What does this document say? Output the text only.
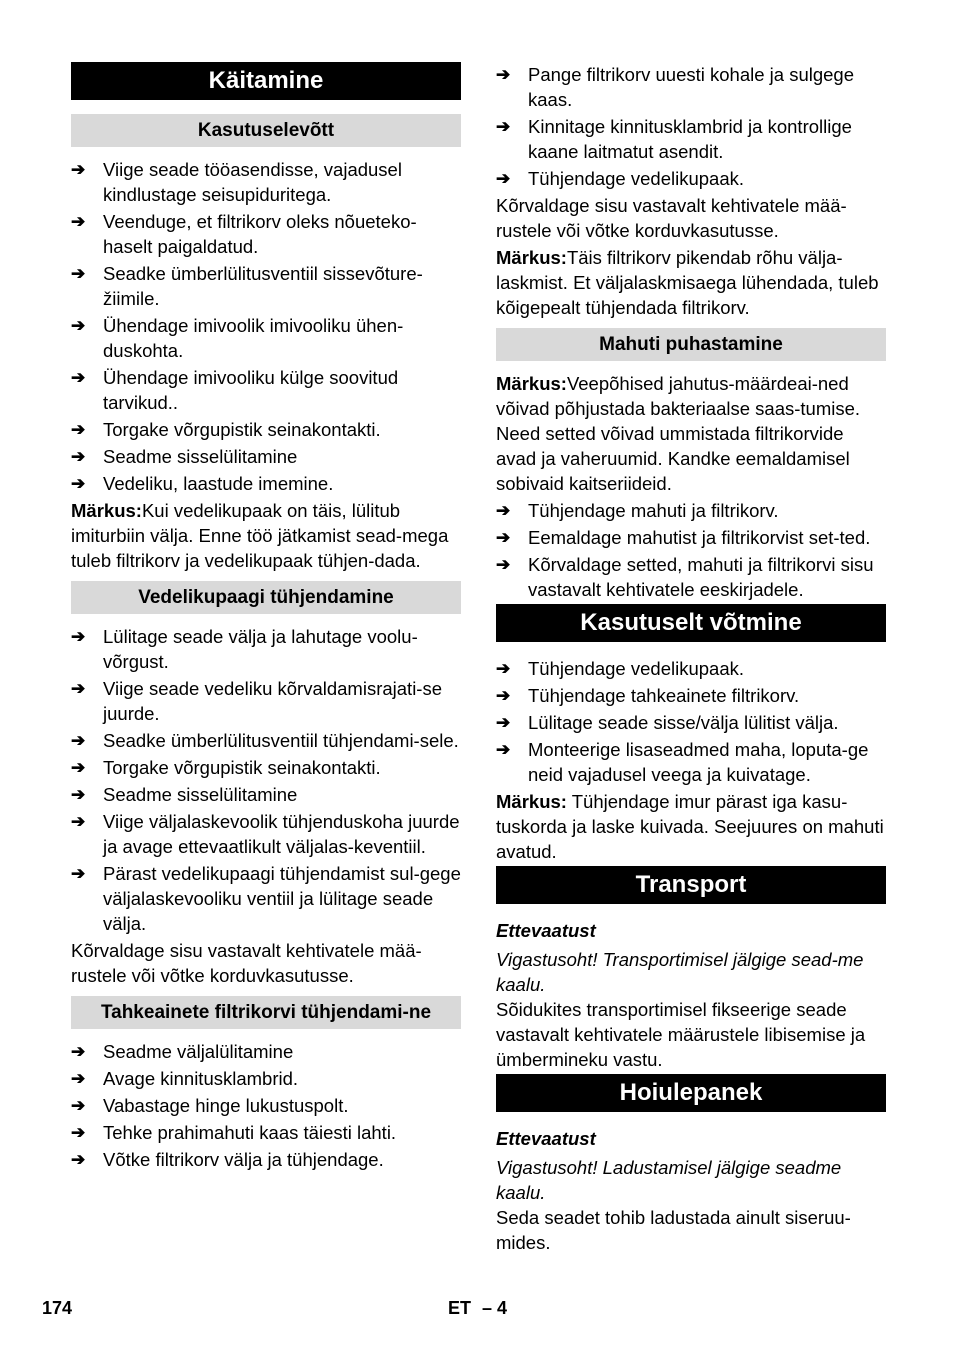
Käitamine
Kasutuselevõtt
➔ Viige seade tööasendisse, vajadusel kindlustage seisupiduritega.
➔ Veenduge, et filtrikorv oleks nõueteko-haselt paigaldatud.
➔ Seadke ümberlülitusventiil sissevõture-žiimile.
➔ Ühendage imivoolik imivooliku ühen-duskohta.
➔ Ühendage imivooliku külge soovitud tarvikud..
➔ Torgake võrgupistik seinakontakti.
➔ Seadme sisselülitamine
➔ Vedeliku, laastude imemine.
Märkus:Kui vedelikupaak on täis, lülitub imiturbiin välja. Enne töö jätkamist sead-mega tuleb filtrikorv ja vedelikupaak tühjen-dada.
Vedelikupaagi tühjendamine
➔ Lülitage seade välja ja lahutage voolu-võrgust.
➔ Viige seade vedeliku kõrvaldamisrajati-se juurde.
➔ Seadke ümberlülitusventiil tühjendami-sele.
➔ Torgake võrgupistik seinakontakti.
➔ Seadme sisselülitamine
➔ Viige väljalaskevoolik tühjenduskoha juurde ja avage ettevaatlikult väljalas-keventiil.
➔ Pärast vedelikupaagi tühjendamist sul-gege väljalaskevooliku ventiil ja lülitage seade välja.
Kõrvaldage sisu vastavalt kehtivatele mää-rustele või võtke korduvkasutusse.
Tahkeainete filtrikorvi tühjendami-ne
➔ Seadme väljalülitamine
➔ Avage kinnitusklambrid.
➔ Vabastage hinge lukustuspolt.
➔ Tehke prahimahuti kaas täiesti lahti.
➔ Võtke filtrikorv välja ja tühjendage.
➔ Pange filtrikorv uuesti kohale ja sulgege kaas.
➔ Kinnitage kinnitusklambrid ja kontrollige kaane laitmatut asendit.
➔ Tühjendage vedelikupaak.
Kõrvaldage sisu vastavalt kehtivatele mää-rustele või võtke korduvkasutusse.
Märkus:Täis filtrikorv pikendab rõhu välja-laskmist. Et väljalaskmisaega lühendada, tuleb kõigepealt tühjendada filtrikorv.
Mahuti puhastamine
Märkus:Veepõhised jahutus-määrdeai-ned võivad põhjustada bakteriaalse saas-tumise. Need setted võivad ummistada filtrikorvide avad ja vaheruumid. Kandke eemaldamisel sobivaid kaitseriideid.
➔ Tühjendage mahuti ja filtrikorv.
➔ Eemaldage mahutist ja filtrikorvist set-ted.
➔ Kõrvaldage setted, mahuti ja filtrikorvi sisu vastavalt kehtivatele eeskirjadele.
Kasutuselt võtmine
➔ Tühjendage vedelikupaak.
➔ Tühjendage tahkeainete filtrikorv.
➔ Lülitage seade sisse/välja lülitist välja.
➔ Monteerige lisaseadmed maha, loputa-ge neid vajadusel veega ja kuivatage.
Märkus: Tühjendage imur pärast iga kasu-tuskorda ja laske kuivada. Seejuures on mahuti avatud.
Transport
Ettevaatust
Vigastusoht! Transportimisel jälgige sead-me kaalu.
Sõidukites transportimisel fikseerige seade vastavalt kehtivatele määrustele libisemise ja ümbermineku vastu.
Hoiulepanek
Ettevaatust
Vigastusoht! Ladustamisel jälgige seadme kaalu.
Seda seadet tohib ladustada ainult siseruu-mides.
174	ET – 4
